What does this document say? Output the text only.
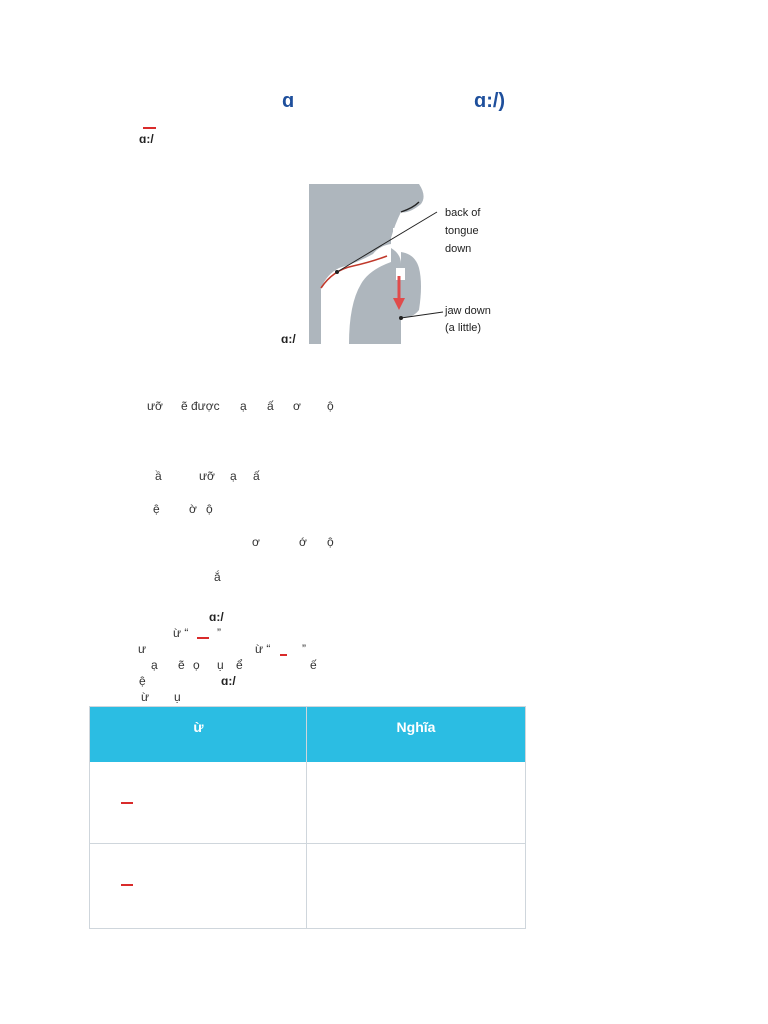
ɑ	ɑ:/)
ɑ:/
back of
tongue
down
jaw down
(a little)
ɑ:/
ưỡ ẽ được ạ ấ ơ ộ
ầ	ưỡ ạ ấ
ệ ờ ộ
ơ	ớ ộ
ắ
ɑ:/
ừ “ ”
ư	ừ “	”
ạ ẽ ọ ụ ể	ế
ệ	ɑ:/
ừ ụ
ừ	Nghĩa
